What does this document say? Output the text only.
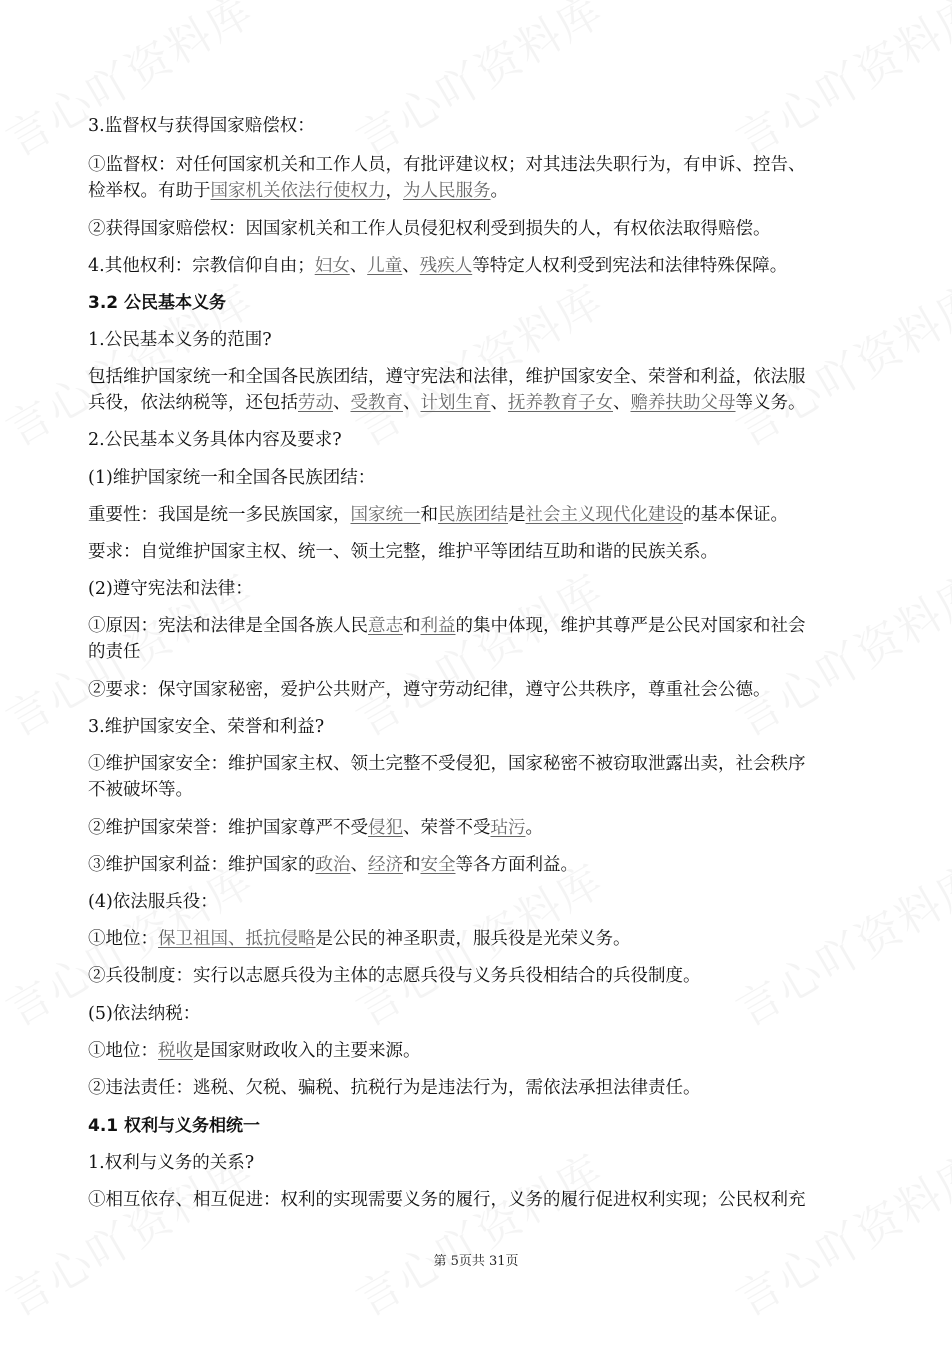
3.监督权与获得国家赔偿权：
①监督权：对任何国家机关和工作人员，有批评建议权；对其违法失职行为，有申诉、控告、
检举权。有助于国家机关依法行使权力，为人民服务。
②获得国家赔偿权：因国家机关和工作人员侵犯权利受到损失的人，有权依法取得赔偿。
4.其他权利：宗教信仰自由；妇女、儿童、残疾人等特定人权利受到宪法和法律特殊保障。
3.2 公民基本义务
1.公民基本义务的范围?
包括维护国家统一和全国各民族团结，遵守宪法和法律，维护国家安全、荣誉和利益，依法服
兵役，依法纳税等，还包括劳动、受教育、计划生育、抚养教育子女、赡养扶助父母等义务。
2.公民基本义务具体内容及要求?
(1)维护国家统一和全国各民族团结：
重要性：我国是统一多民族国家，国家统一和民族团结是社会主义现代化建设的基本保证。
要求：自觉维护国家主权、统一、领土完整，维护平等团结互助和谐的民族关系。
(2)遵守宪法和法律：
①原因：宪法和法律是全国各族人民意志和利益的集中体现，维护其尊严是公民对国家和社会
的责任
②要求：保守国家秘密，爱护公共财产，遵守劳动纪律，遵守公共秩序，尊重社会公德。
3.维护国家安全、荣誉和利益?
①维护国家安全：维护国家主权、领土完整不受侵犯，国家秘密不被窃取泄露出卖，社会秩序
不被破坏等。
②维护国家荣誉：维护国家尊严不受侵犯、荣誉不受玷污。
③维护国家利益：维护国家的政治、经济和安全等各方面利益。
(4)依法服兵役：
①地位：保卫祖国、抵抗侵略是公民的神圣职责，服兵役是光荣义务。
②兵役制度：实行以志愿兵役为主体的志愿兵役与义务兵役相结合的兵役制度。
(5)依法纳税：
①地位：税收是国家财政收入的主要来源。
②违法责任：逃税、欠税、骗税、抗税行为是违法行为，需依法承担法律责任。
4.1 权利与义务相统一
1.权利与义务的关系?
①相互依存、相互促进：权利的实现需要义务的履行，义务的履行促进权利实现；公民权利充
第 5页共 31页
